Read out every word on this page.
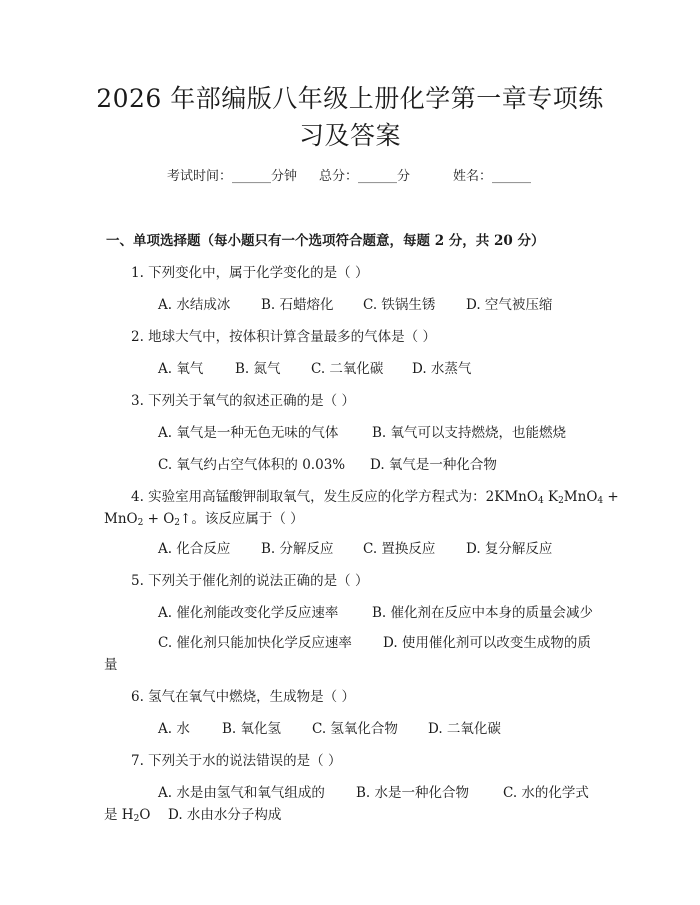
2026 年部编版八年级上册化学第一章专项练
习及答案
考试时间：______分钟 总分：______分	姓名：______
一、单项选择题（每小题只有一个选项符合题意，每题 2 分，共 20 分）
1. 下列变化中，属于化学变化的是（ ）
A. 水结成冰 B. 石蜡熔化 C. 铁锅生锈 D. 空气被压缩
2. 地球大气中，按体积计算含量最多的气体是（ ）
A. 氧气 B. 氮气 C. 二氧化碳 D. 水蒸气
3. 下列关于氧气的叙述正确的是（ ）
A. 氧气是一种无色无味的气体 B. 氧气可以支持燃烧，也能燃烧
C. 氧气约占空气体积的 0.03% D. 氧气是一种化合物
4. 实验室用高锰酸钾制取氧气，发生反应的化学方程式为：2KMnO$_4$ $K_2MnO_4$ +
$MnO_2 + O_2↑$。该反应属于（ ）
A. 化合反应 B. 分解反应 C. 置换反应 D. 复分解反应
5. 下列关于催化剂的说法正确的是（ ）
A. 催化剂能改变化学反应速率 B. 催化剂在反应中本身的质量会减少
C. 催化剂只能加快化学反应速率 D. 使用催化剂可以改变生成物的质
量
6. 氢气在氧气中燃烧，生成物是（ ）
A. 水 B. 氧化氢 C. 氢氧化合物 D. 二氧化碳
7. 下列关于水的说法错误的是（ ）
A. 水是由氢气和氧气组成的 B. 水是一种化合物	C. 水的化学式
是 $H_2O$ D. 水由水分子构成
